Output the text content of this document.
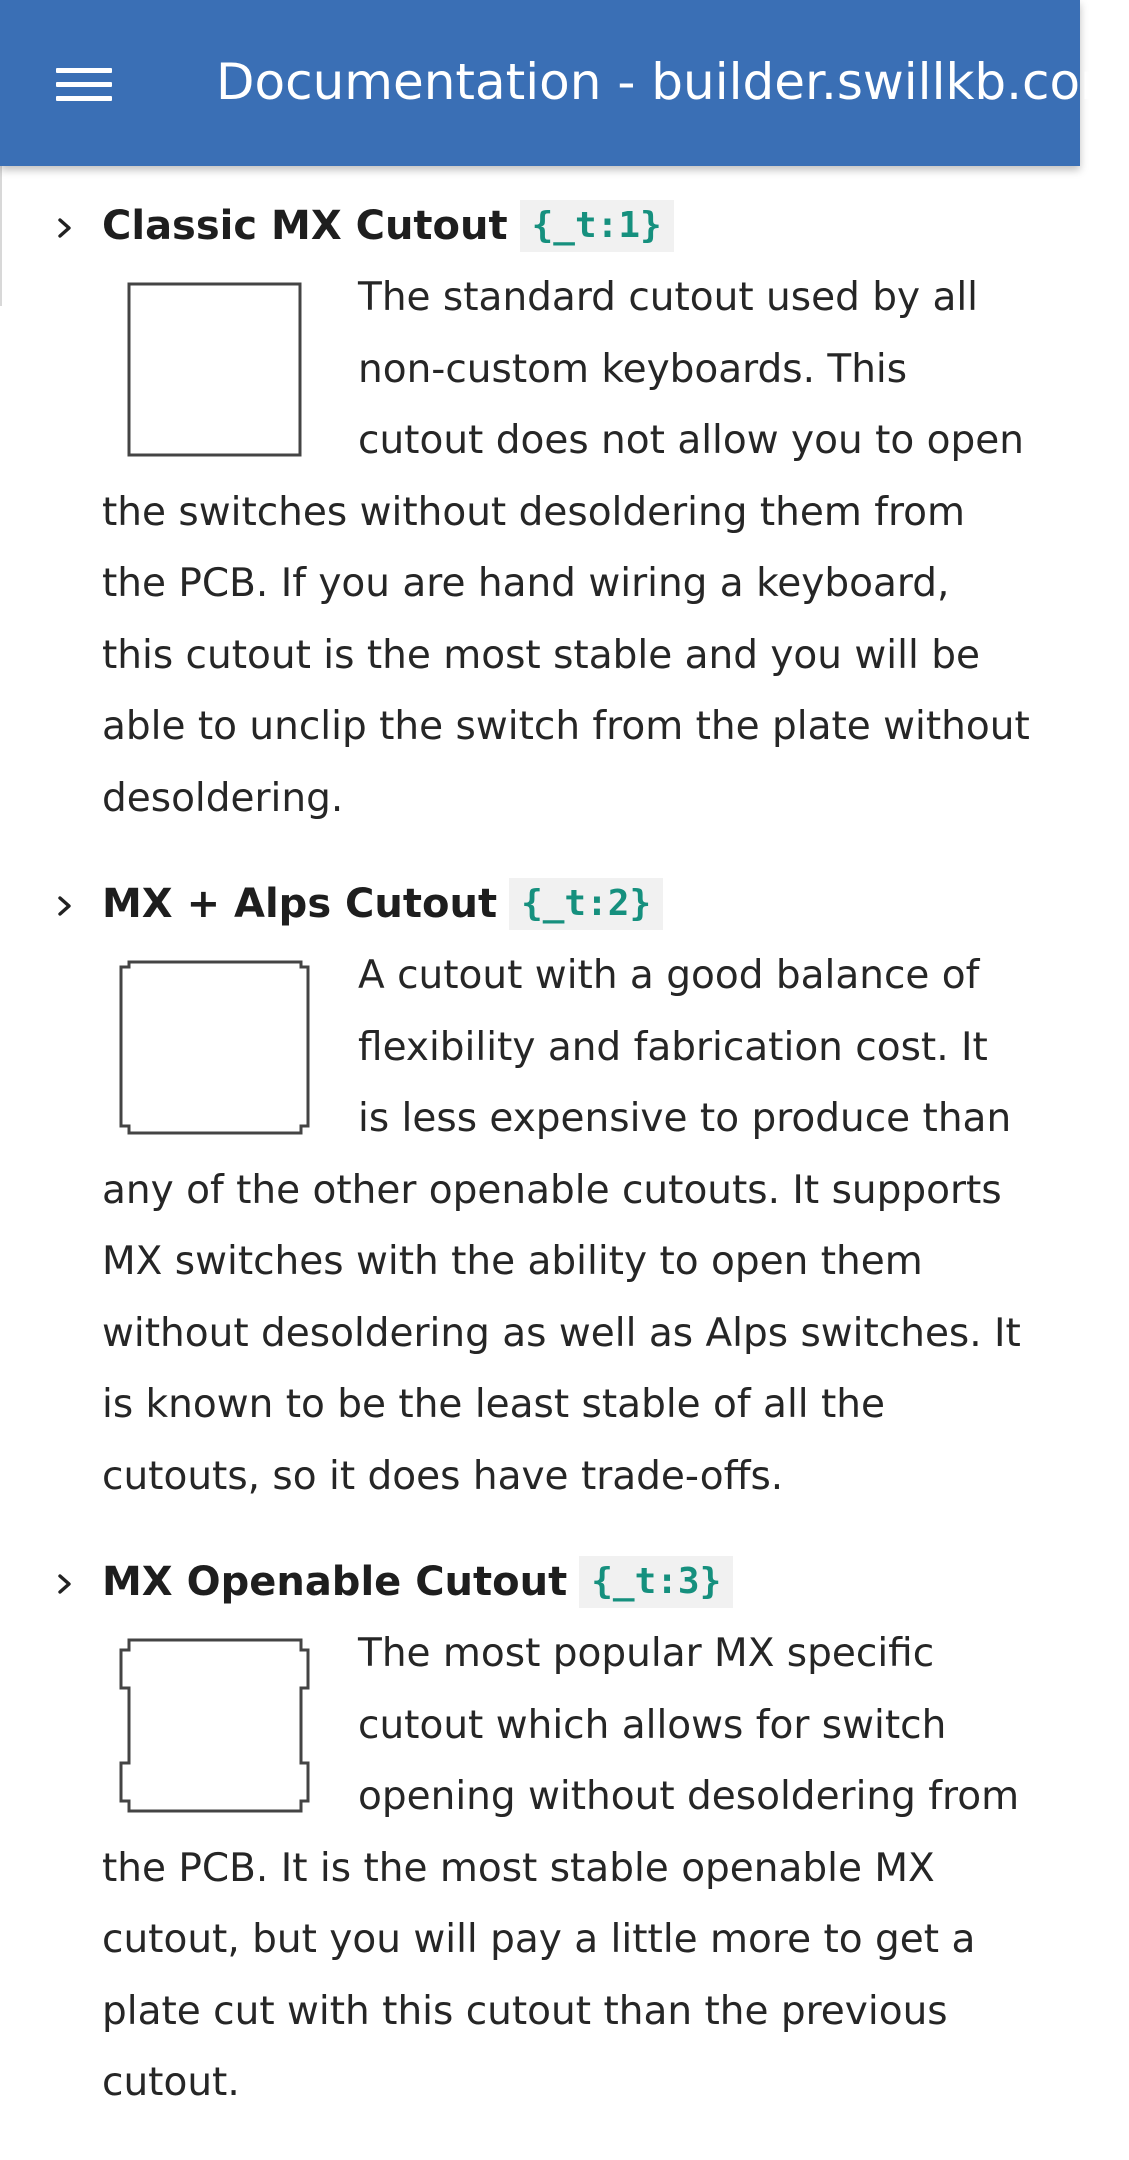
Documentation - builder.swillkb.com
Classic MX Cutout {_t:1}
The standard cutout used by all non-custom keyboards. This cutout does not allow you to open the switches without desoldering them from the PCB. If you are hand wiring a keyboard, this cutout is the most stable and you will be able to unclip the switch from the plate without desoldering.
MX + Alps Cutout {_t:2}
A cutout with a good balance of flexibility and fabrication cost. It is less expensive to produce than any of the other openable cutouts. It supports MX switches with the ability to open them without desoldering as well as Alps switches. It is known to be the least stable of all the cutouts, so it does have trade-offs.
MX Openable Cutout {_t:3}
The most popular MX specific cutout which allows for switch opening without desoldering from the PCB. It is the most stable openable MX cutout, but you will pay a little more to get a plate cut with this cutout than the previous cutout.
